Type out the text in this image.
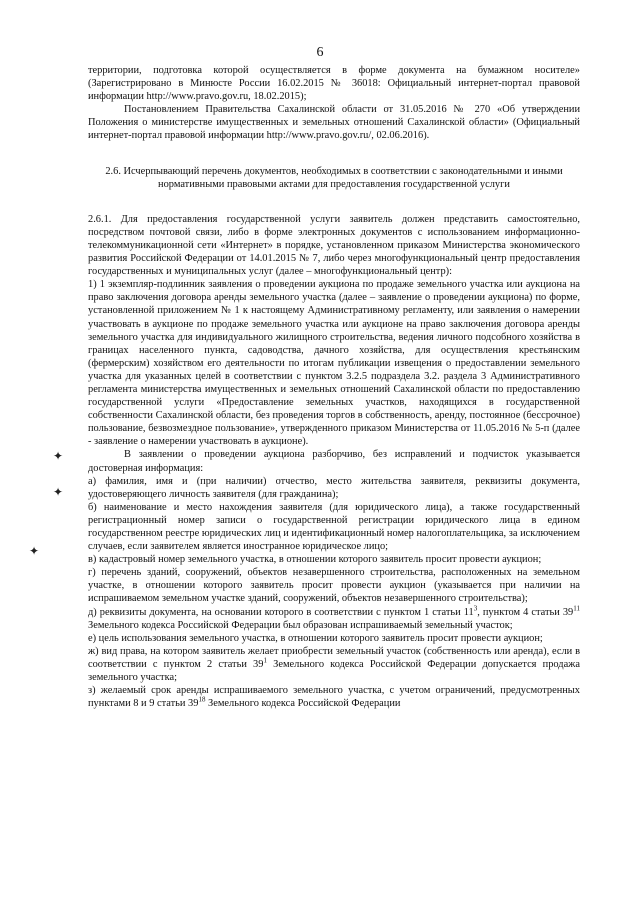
6
✦
✦
✦

территории, подготовка которой осуществляется в форме документа на бумажном носителе» (Зарегистрировано в Минюсте России 16.02.2015 № 36018: Официальный интернет-портал правовой информации http://www.pravo.gov.ru, 18.02.2015);

Постановлением Правительства Сахалинской области от 31.05.2016 № 270 «Об утверждении Положения о министерстве имущественных и земельных отношений Сахалинской области» (Официальный интернет-портал правовой информации http://www.pravo.gov.ru/, 02.06.2016).

2.6. Исчерпывающий перечень документов, необходимых в соответствии с законодательными и иными нормативными правовыми актами для предоставления государственной услуги

2.6.1. Для предоставления государственной услуги заявитель должен представить самостоятельно, посредством почтовой связи, либо в форме электронных документов с использованием информационно-телекоммуникационной сети «Интернет» в порядке, установленном приказом Министерства экономического развития Российской Федерации от 14.01.2015 № 7, либо через многофункциональный центр предоставления государственных и муниципальных услуг (далее – многофункциональный центр):

1) 1 экземпляр-подлинник заявления о проведении аукциона по продаже земельного участка или аукциона на право заключения договора аренды земельного участка (далее – заявление о проведении аукциона) по форме, установленной приложением № 1 к настоящему Административному регламенту, или заявления о намерении участвовать в аукционе по продаже земельного участка или аукционе на право заключения договора аренды земельного участка для индивидуального жилищного строительства, ведения личного подсобного хозяйства в границах населенного пункта, садоводства, дачного хозяйства, для осуществления крестьянским (фермерским) хозяйством его деятельности по итогам публикации извещения о предоставлении земельного участка для указанных целей в соответствии с пунктом 3.2.5 подраздела 3.2. раздела 3 Административного регламента министерства имущественных и земельных отношений Сахалинской области по предоставлению государственной услуги «Предоставление земельных участков, находящихся в государственной собственности Сахалинской области, без проведения торгов в собственность, аренду, постоянное (бессрочное) пользование, безвозмездное пользование», утвержденного приказом Министерства от 11.05.2016 № 5-п (далее - заявление о намерении участвовать в аукционе).

В заявлении о проведении аукциона разборчиво, без исправлений и подчисток указывается достоверная информация:

а) фамилия, имя и (при наличии) отчество, место жительства заявителя, реквизиты документа, удостоверяющего личность заявителя (для гражданина);

б) наименование и место нахождения заявителя (для юридического лица), а также государственный регистрационный номер записи о государственной регистрации юридического лица в едином государственном реестре юридических лиц и идентификационный номер налогоплательщика, за исключением случаев, если заявителем является иностранное юридическое лицо;

в) кадастровый номер земельного участка, в отношении которого заявитель просит провести аукцион;

г) перечень зданий, сооружений, объектов незавершенного строительства, расположенных на земельном участке, в отношении которого заявитель просит провести аукцион (указывается при наличии на испрашиваемом земельном участке зданий, сооружений, объектов незавершенного строительства);

д) реквизиты документа, на основании которого в соответствии с пунктом 1 статьи $11^3$, пунктом 4 статьи $39^{11}$ Земельного кодекса Российской Федерации был образован испрашиваемый земельный участок;

е) цель использования земельного участка, в отношении которого заявитель просит провести аукцион;

ж) вид права, на котором заявитель желает приобрести земельный участок (собственность или аренда), если в соответствии с пунктом 2 статьи $39^1$ Земельного кодекса Российской Федерации допускается продажа земельного участка;

з) желаемый срок аренды испрашиваемого земельного участка, с учетом ограничений, предусмотренных пунктами 8 и 9 статьи $39^{18}$ Земельного кодекса Российской Федерации
